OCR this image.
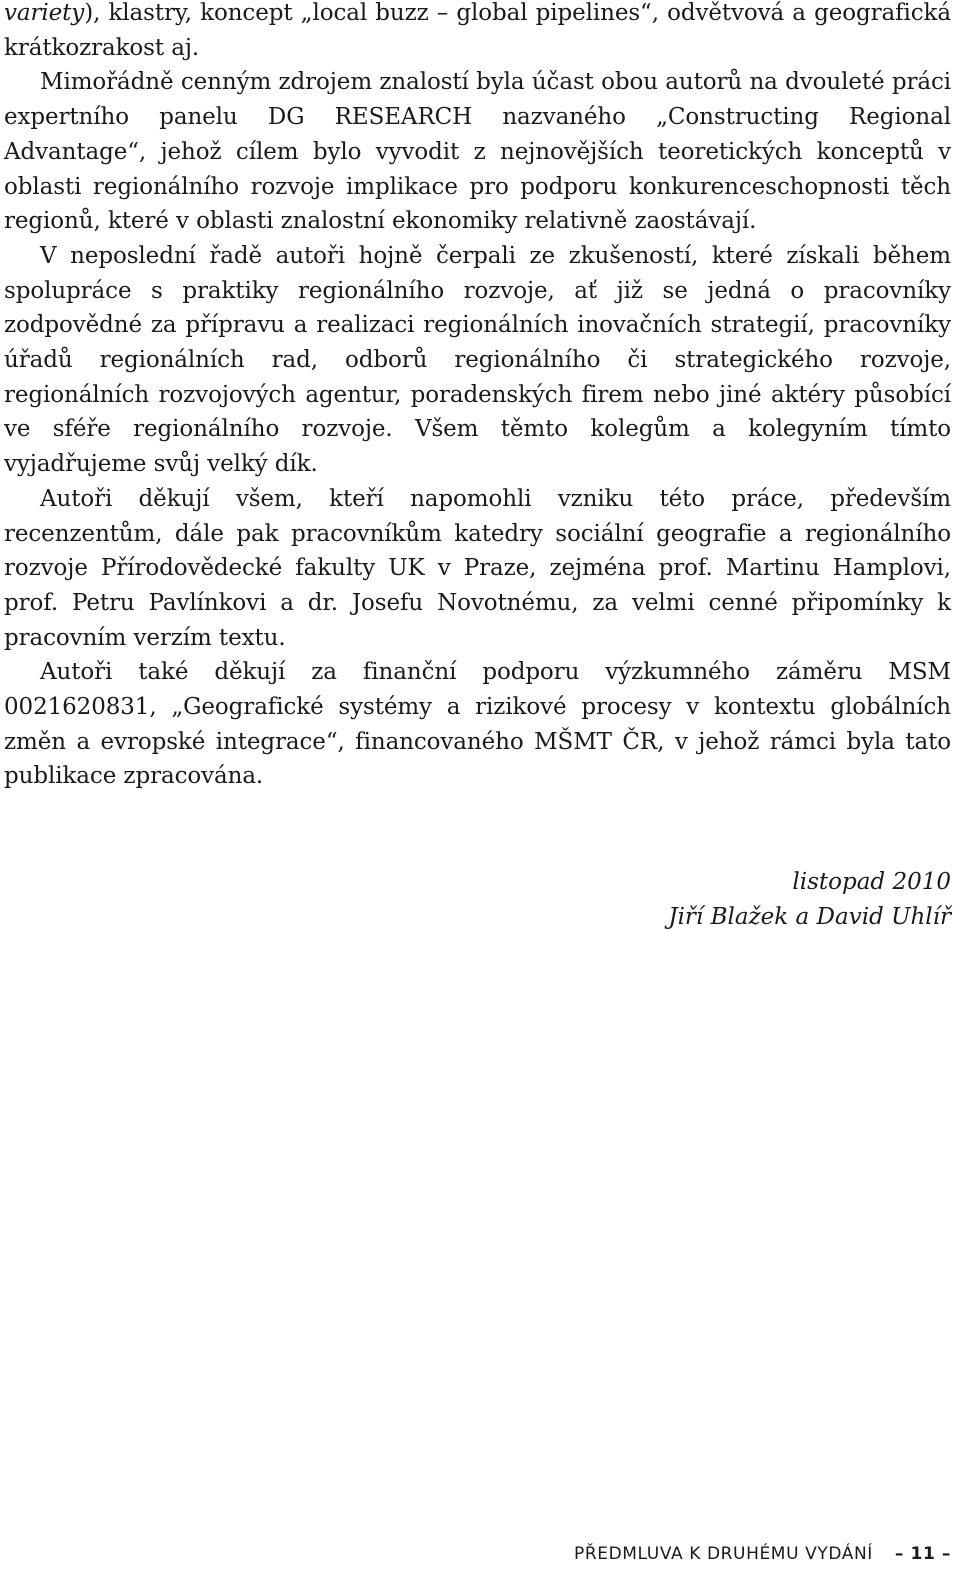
variety), klastry, koncept „local buzz – global pipelines“, odvětvová a geografická krátkozrakost aj.

Mimořádně cenným zdrojem znalostí byla účast obou autorů na dvouleté práci expertního panelu DG RESEARCH nazvaného „Constructing Regional Advantage“, jehož cílem bylo vyvodit z nejnovějších teoretických konceptů v oblasti regionálního rozvoje implikace pro podporu konkurenceschopnosti těch regionů, které v oblasti znalostní ekonomiky relativně zaostávají.

V neposlední řadě autoři hojně čerpali ze zkušeností, které získali během spolupráce s praktiky regionálního rozvoje, ať již se jedná o pracovníky zodpovědné za přípravu a realizaci regionálních inovačních strategií, pracovníky úřadů regionálních rad, odborů regionálního či strategického rozvoje, regionálních rozvojových agentur, poradenských firem nebo jiné aktéry působící ve sféře regionálního rozvoje. Všem těmto kolegům a kolegyním tímto vyjadřujeme svůj velký dík.

Autoři děkují všem, kteří napomohli vzniku této práce, především recenzentům, dále pak pracovníkům katedry sociální geografie a regionálního rozvoje Přírodovědecké fakulty UK v Praze, zejména prof. Martinu Hamplovi, prof. Petru Pavlínkovi a dr. Josefu Novotnému, za velmi cenné připomínky k pracovním verzím textu.

Autoři také děkují za finanční podporu výzkumného záměru MSM 0021620831, „Geografické systémy a rizikové procesy v kontextu globálních změn a evropské integrace“, financovaného MŠMT ČR, v jehož rámci byla tato publikace zpracována.

listopad 2010
Jiří Blažek a David Uhlíř
PŘEDMLUVA K DRUHÉMU VYDÁNÍ – 11 –
